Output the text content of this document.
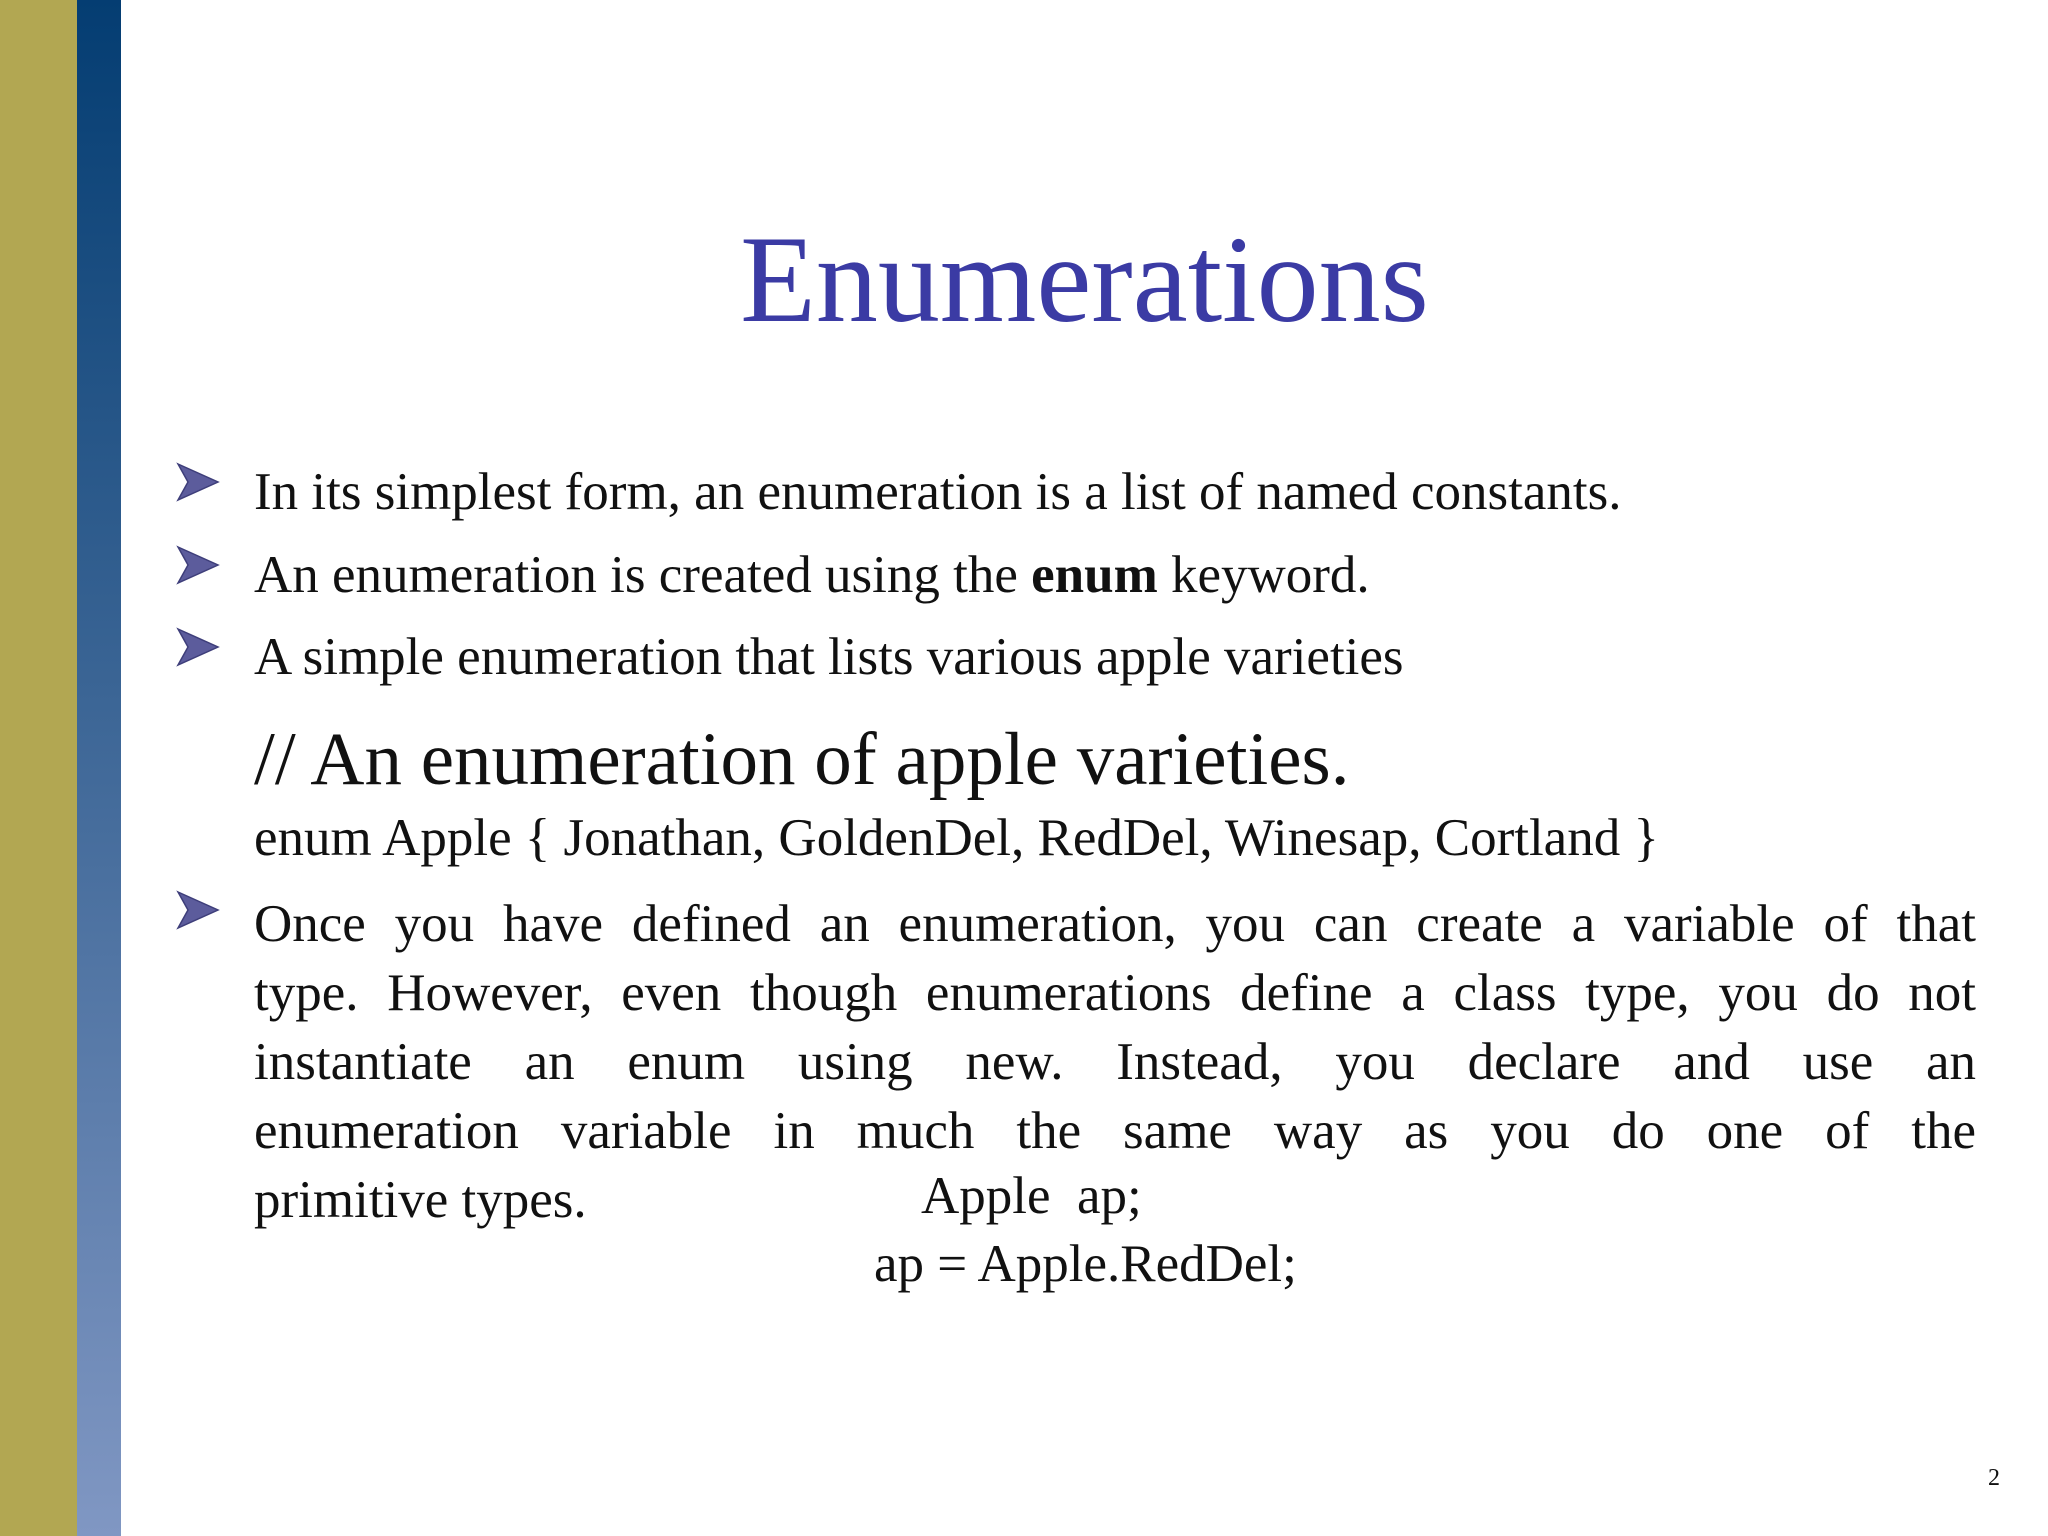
Enumerations

In its simplest form, an enumeration is a list of named constants.

An enumeration is created using the enum keyword.

A simple enumeration that lists various apple varieties

// An enumeration of apple varieties.
enum Apple { Jonathan, GoldenDel, RedDel, Winesap, Cortland }
Once you have defined an enumeration, you can create a variable of that
type. However, even though enumerations define a class type, you do not
instantiate an enum using new. Instead, you declare and use an
enumeration variable in much the same way as you do one of the
primitive types.	Apple  ap;
ap = Apple.RedDel;
2
